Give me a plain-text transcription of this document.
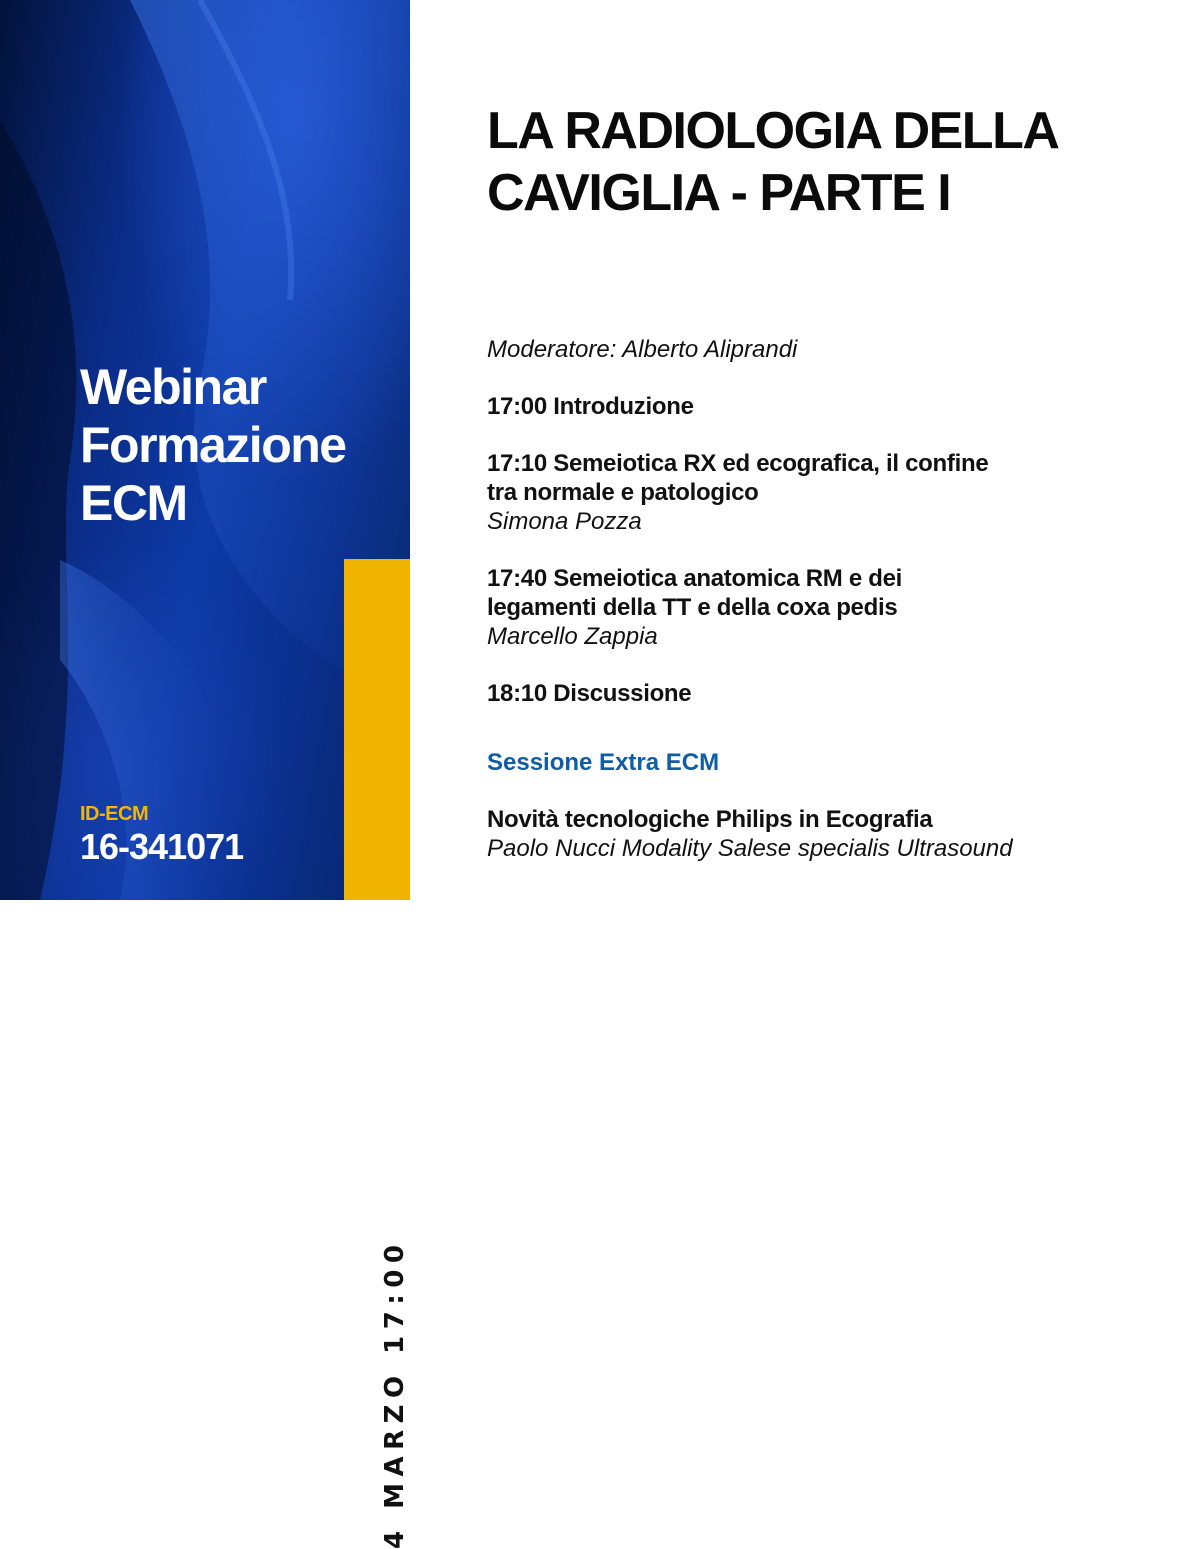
Webinar
Formazione
ECM
ID-ECM
16-341071
4 MARZO 17:00
LA RADIOLOGIA DELLA
CAVIGLIA - PARTE I

Moderatore: Alberto Aliprandi

17:00 Introduzione
17:10 Semeiotica RX ed ecografica, il confine
tra normale e patologico
Simona Pozza
17:40 Semeiotica anatomica RM e dei
legamenti della TT e della coxa pedis
Marcello Zappia
18:10 Discussione
Sessione Extra ECM
Novità tecnologiche Philips in Ecografia
Paolo Nucci Modality Salese specialis Ultrasound
